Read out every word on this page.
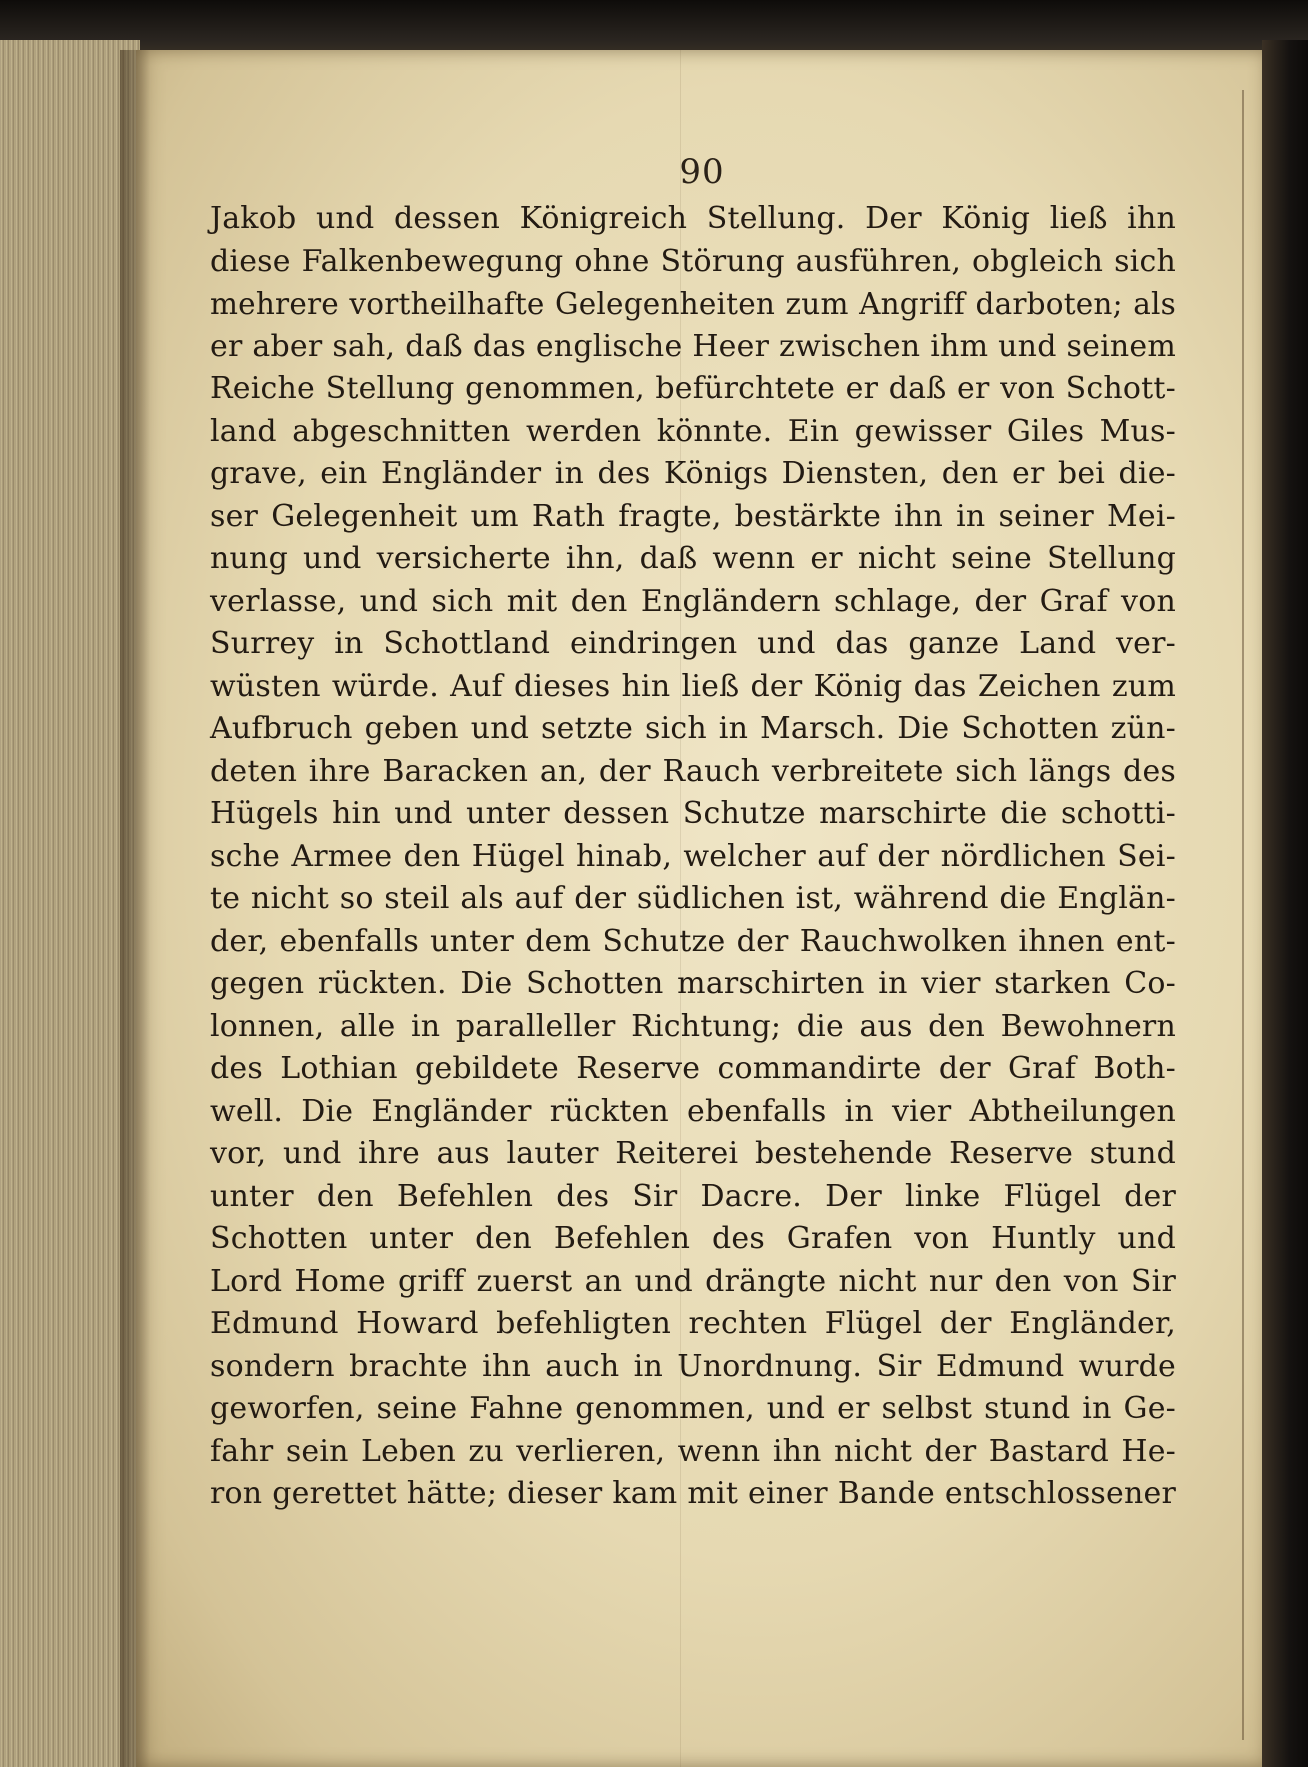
90
Jakob und dessen Königreich Stellung. Der König ließ ihn
diese Falkenbewegung ohne Störung ausführen, obgleich sich
mehrere vortheilhafte Gelegenheiten zum Angriff darboten; als
er aber sah, daß das englische Heer zwischen ihm und seinem
Reiche Stellung genommen, befürchtete er daß er von Schott-
land abgeschnitten werden könnte. Ein gewisser Giles Mus-
grave, ein Engländer in des Königs Diensten, den er bei die-
ser Gelegenheit um Rath fragte, bestärkte ihn in seiner Mei-
nung und versicherte ihn, daß wenn er nicht seine Stellung
verlasse, und sich mit den Engländern schlage, der Graf von
Surrey in Schottland eindringen und das ganze Land ver-
wüsten würde. Auf dieses hin ließ der König das Zeichen zum
Aufbruch geben und setzte sich in Marsch. Die Schotten zün-
deten ihre Baracken an, der Rauch verbreitete sich längs des
Hügels hin und unter dessen Schutze marschirte die schotti-
sche Armee den Hügel hinab, welcher auf der nördlichen Sei-
te nicht so steil als auf der südlichen ist, während die Englän-
der, ebenfalls unter dem Schutze der Rauchwolken ihnen ent-
gegen rückten. Die Schotten marschirten in vier starken Co-
lonnen, alle in paralleller Richtung; die aus den Bewohnern
des Lothian gebildete Reserve commandirte der Graf Both-
well. Die Engländer rückten ebenfalls in vier Abtheilungen
vor, und ihre aus lauter Reiterei bestehende Reserve stund
unter den Befehlen des Sir Dacre. Der linke Flügel der
Schotten unter den Befehlen des Grafen von Huntly und
Lord Home griff zuerst an und drängte nicht nur den von Sir
Edmund Howard befehligten rechten Flügel der Engländer,
sondern brachte ihn auch in Unordnung. Sir Edmund wurde
geworfen, seine Fahne genommen, und er selbst stund in Ge-
fahr sein Leben zu verlieren, wenn ihn nicht der Bastard He-
ron gerettet hätte; dieser kam mit einer Bande entschlossener
